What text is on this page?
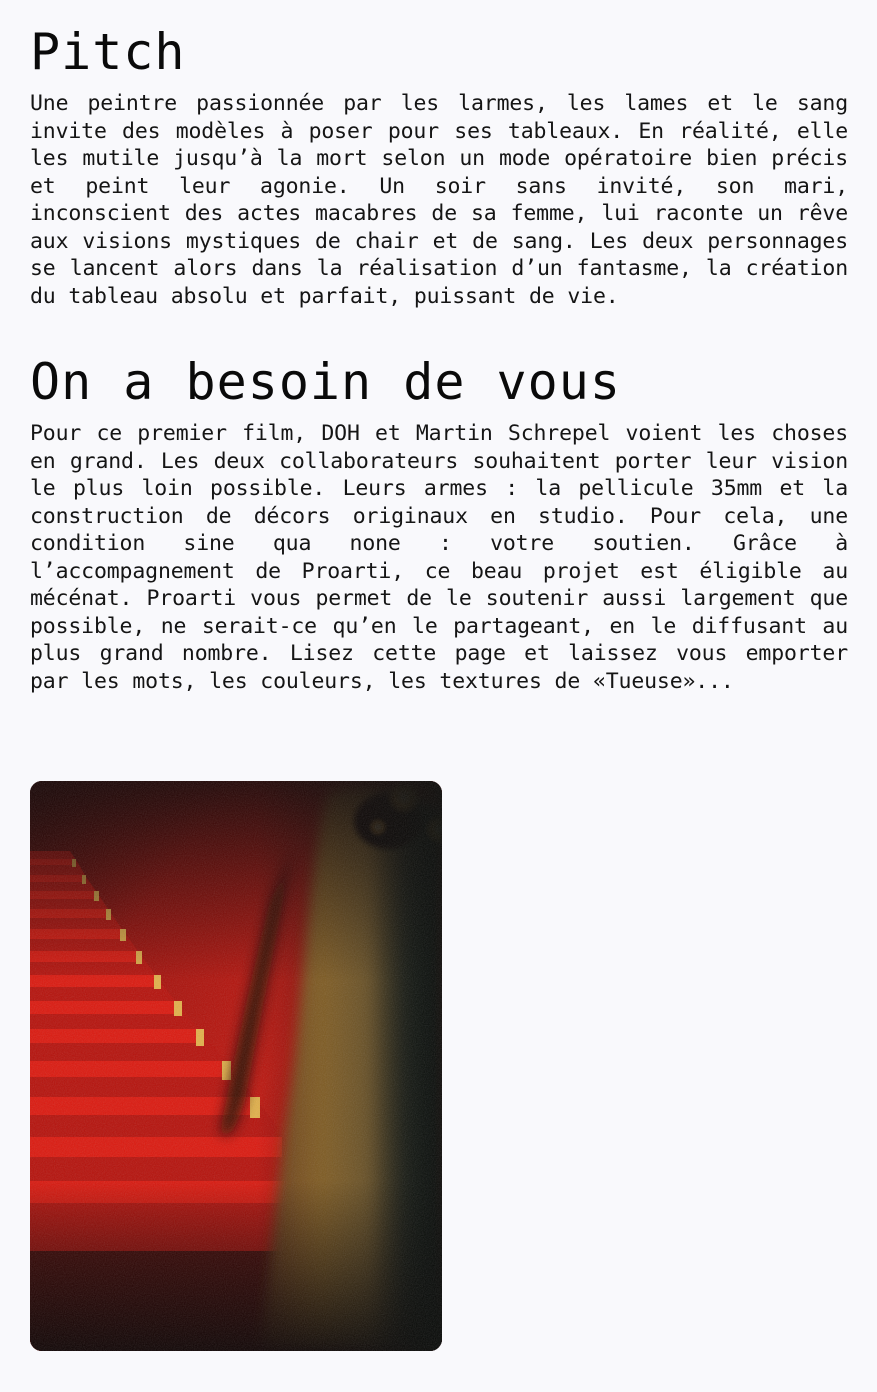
Pitch

Une peintre passionnée par les larmes, les lames et le sang invite des modèles à poser pour ses tableaux. En réalité, elle les mutile jusqu’à la mort selon un mode opératoire bien précis et peint leur agonie. Un soir sans invité, son mari, inconscient des actes macabres de sa femme, lui raconte un rêve aux visions mystiques de chair et de sang. Les deux personnages se lancent alors dans la réalisation d’un fantasme, la création du tableau absolu et parfait, puissant de vie.

On a besoin de vous

Pour ce premier film, DOH et Martin Schrepel voient les choses en grand. Les deux collaborateurs souhaitent porter leur vision le plus loin possible. Leurs armes : la pellicule 35mm et la construction de décors originaux en studio. Pour cela, une condition sine qua none : votre soutien. Grâce à l’accompagnement de Proarti, ce beau projet est éligible au mécénat. Proarti vous permet de le soutenir aussi largement que possible, ne serait-ce qu’en le partageant, en le diffusant au plus grand nombre. Lisez cette page et laissez vous emporter par les mots, les couleurs, les textures de «Tueuse»...
